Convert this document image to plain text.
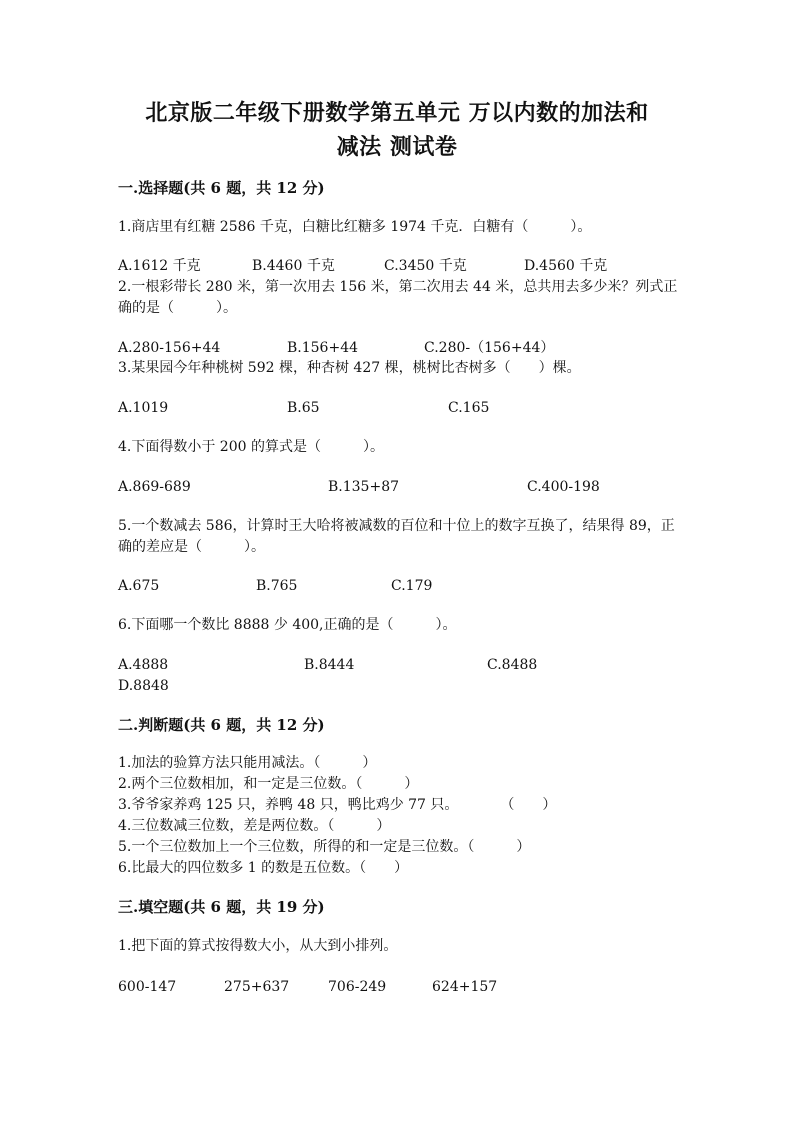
北京版二年级下册数学第五单元 万以内数的加法和
减法 测试卷
一.选择题(共 6 题，共 12 分)
1.商店里有红糖 2586 千克，白糖比红糖多 1974 千克．白糖有（　　　）。
A.1612 千克	B.4460 千克	C.3450 千克	D.4560 千克
2.一根彩带长 280 米，第一次用去 156 米，第二次用去 44 米，总共用去多少米？列式正确的是（　　　）。
A.280-156+44	B.156+44	C.280-（156+44）
3.某果园今年种桃树 592 棵，种杏树 427 棵，桃树比杏树多（　　）棵。
A.1019	B.65	C.165
4.下面得数小于 200 的算式是（　　　）。
A.869-689	B.135+87	C.400-198
5.一个数减去 586，计算时王大哈将被减数的百位和十位上的数字互换了，结果得 89，正确的差应是（　　　）。
A.675	B.765	C.179
6.下面哪一个数比 8888 少 400,正确的是（　　　）。
A.4888	B.8444	C.8488
D.8848
二.判断题(共 6 题，共 12 分)
1.加法的验算方法只能用减法。（　　　）
2.两个三位数相加，和一定是三位数。（　　　）
3.爷爷家养鸡 125 只，养鸭 48 只，鸭比鸡少 77 只。　　　　（　　）
4.三位数减三位数，差是两位数。（　　　）
5.一个三位数加上一个三位数，所得的和一定是三位数。（　　　）
6.比最大的四位数多 1 的数是五位数。（　　）
三.填空题(共 6 题，共 19 分)
1.把下面的算式按得数大小，从大到小排列。
600-147	275+637	706-249	624+157
